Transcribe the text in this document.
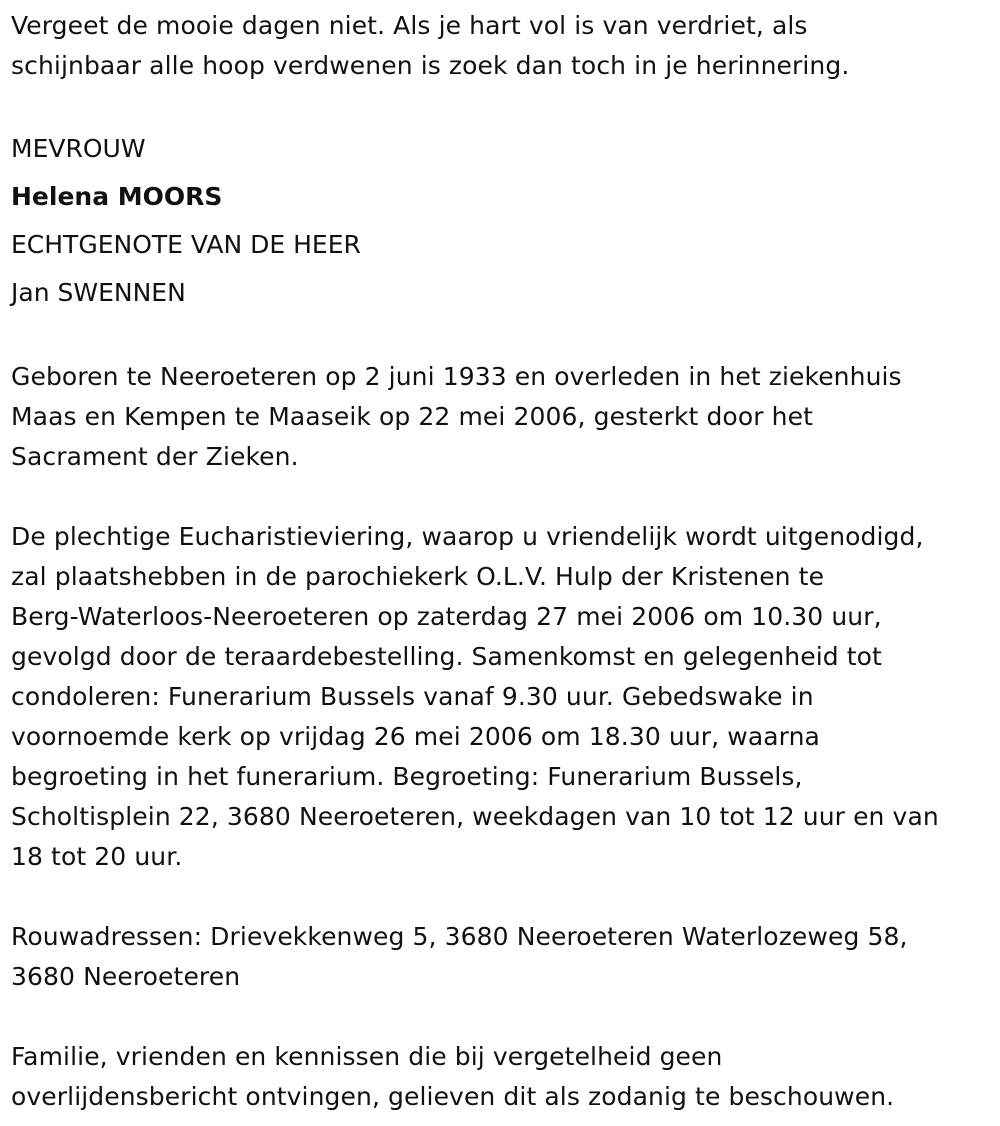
Vergeet de mooie dagen niet. Als je hart vol is van verdriet, als
schijnbaar alle hoop verdwenen is zoek dan toch in je herinnering.

MEVROUW

Helena MOORS

ECHTGENOTE VAN DE HEER

Jan SWENNEN

Geboren te Neeroeteren op 2 juni 1933 en overleden in het ziekenhuis
Maas en Kempen te Maaseik op 22 mei 2006, gesterkt door het
Sacrament der Zieken.

De plechtige Eucharistieviering, waarop u vriendelijk wordt uitgenodigd,
zal plaatshebben in de parochiekerk O.L.V. Hulp der Kristenen te
Berg-Waterloos-Neeroeteren op zaterdag 27 mei 2006 om 10.30 uur,
gevolgd door de teraardebestelling. Samenkomst en gelegenheid tot
condoleren: Funerarium Bussels vanaf 9.30 uur. Gebedswake in
voornoemde kerk op vrijdag 26 mei 2006 om 18.30 uur, waarna
begroeting in het funerarium. Begroeting: Funerarium Bussels,
Scholtisplein 22, 3680 Neeroeteren, weekdagen van 10 tot 12 uur en van
18 tot 20 uur.

Rouwadressen: Drievekkenweg 5, 3680 Neeroeteren Waterlozeweg 58,
3680 Neeroeteren

Familie, vrienden en kennissen die bij vergetelheid geen
overlijdensbericht ontvingen, gelieven dit als zodanig te beschouwen.
